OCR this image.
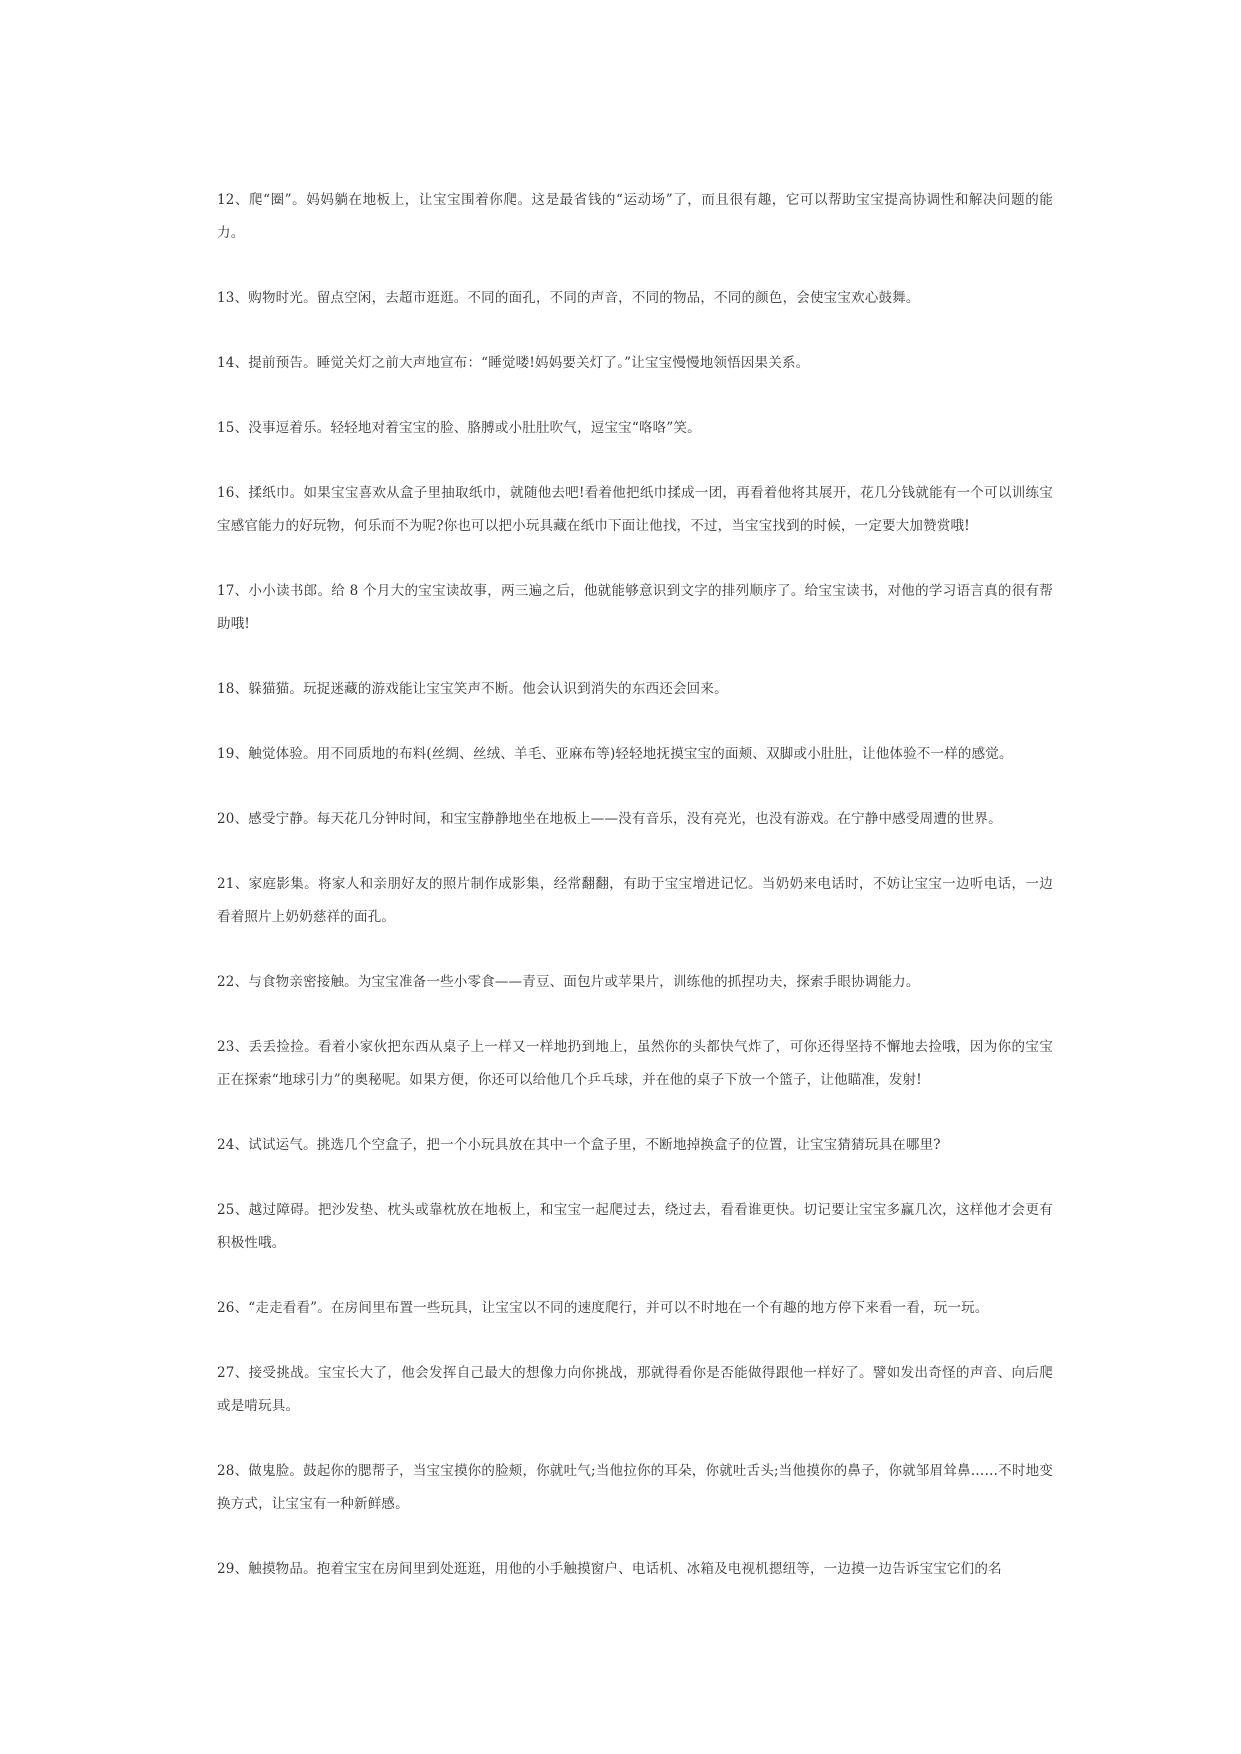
12、爬“圈”。妈妈躺在地板上，让宝宝围着你爬。这是最省钱的“运动场”了，而且很有趣，它可以帮助宝宝提高协调性和解决问题的能力。

13、购物时光。留点空闲，去超市逛逛。不同的面孔，不同的声音，不同的物品，不同的颜色，会使宝宝欢心鼓舞。

14、提前预告。睡觉关灯之前大声地宣布：“睡觉喽!妈妈要关灯了。”让宝宝慢慢地领悟因果关系。

15、没事逗着乐。轻轻地对着宝宝的脸、胳膊或小肚肚吹气，逗宝宝“咯咯”笑。

16、揉纸巾。如果宝宝喜欢从盒子里抽取纸巾，就随他去吧!看着他把纸巾揉成一团，再看着他将其展开，花几分钱就能有一个可以训练宝宝感官能力的好玩物，何乐而不为呢?你也可以把小玩具藏在纸巾下面让他找，不过，当宝宝找到的时候，一定要大加赞赏哦!

17、小小读书郎。给 8 个月大的宝宝读故事，两三遍之后，他就能够意识到文字的排列顺序了。给宝宝读书，对他的学习语言真的很有帮助哦!

18、躲猫猫。玩捉迷藏的游戏能让宝宝笑声不断。他会认识到消失的东西还会回来。

19、触觉体验。用不同质地的布料(丝绸、丝绒、羊毛、亚麻布等)轻轻地抚摸宝宝的面颊、双脚或小肚肚，让他体验不一样的感觉。

20、感受宁静。每天花几分钟时间，和宝宝静静地坐在地板上——没有音乐，没有亮光，也没有游戏。在宁静中感受周遭的世界。

21、家庭影集。将家人和亲朋好友的照片制作成影集，经常翻翻，有助于宝宝增进记忆。当奶奶来电话时，不妨让宝宝一边听电话，一边看着照片上奶奶慈祥的面孔。

22、与食物亲密接触。为宝宝准备一些小零食——青豆、面包片或苹果片，训练他的抓捏功夫，探索手眼协调能力。

23、丢丢捡捡。看着小家伙把东西从桌子上一样又一样地扔到地上，虽然你的头都快气炸了，可你还得坚持不懈地去捡哦，因为你的宝宝正在探索“地球引力”的奥秘呢。如果方便，你还可以给他几个乒乓球，并在他的桌子下放一个篮子，让他瞄准，发射!

24、试试运气。挑选几个空盒子，把一个小玩具放在其中一个盒子里，不断地掉换盒子的位置，让宝宝猜猜玩具在哪里?

25、越过障碍。把沙发垫、枕头或靠枕放在地板上，和宝宝一起爬过去，绕过去，看看谁更快。切记要让宝宝多赢几次，这样他才会更有积极性哦。

26、“走走看看”。在房间里布置一些玩具，让宝宝以不同的速度爬行，并可以不时地在一个有趣的地方停下来看一看，玩一玩。

27、接受挑战。宝宝长大了，他会发挥自己最大的想像力向你挑战，那就得看你是否能做得跟他一样好了。譬如发出奇怪的声音、向后爬或是啃玩具。

28、做鬼脸。鼓起你的腮帮子，当宝宝摸你的脸颊，你就吐气;当他拉你的耳朵，你就吐舌头;当他摸你的鼻子，你就邹眉耸鼻……不时地变换方式，让宝宝有一种新鲜感。

29、触摸物品。抱着宝宝在房间里到处逛逛，用他的小手触摸窗户、电话机、冰箱及电视机摁纽等，一边摸一边告诉宝宝它们的名
